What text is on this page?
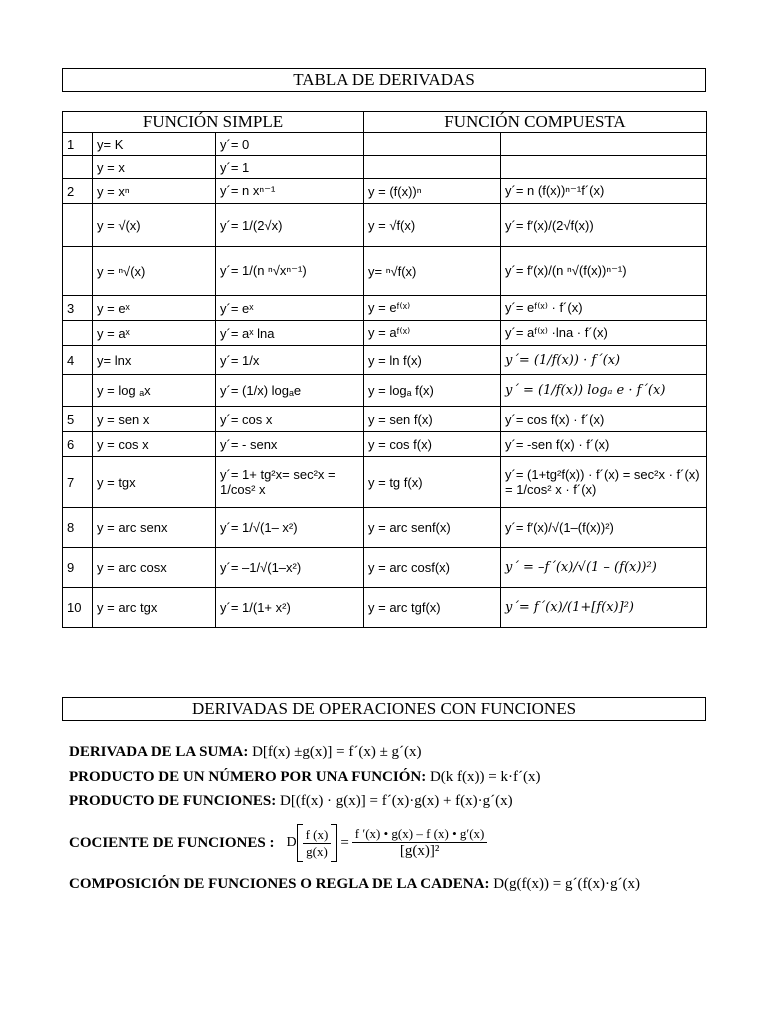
TABLA DE DERIVADAS
FUNCIÓN SIMPLE			FUNCIÓN COMPUESTA	
1	y= K	y´= 0		
	y = x	y´= 1		
2	y = xⁿ	y´= n xⁿ⁻¹	y = (f(x))ⁿ	y´= n (f(x))ⁿ⁻¹f´(x)
	y = √(x)	y´= 1/(2√x)	y = √f(x)	y´= f′(x)/(2√f(x))
	y = ⁿ√(x)	y´= 1/(n ⁿ√xⁿ⁻¹)	y= ⁿ√f(x)	y´= f′(x)/(n ⁿ√(f(x))ⁿ⁻¹)
3	y = eˣ	y´= eˣ	y = eᶠ⁽ˣ⁾	y´= eᶠ⁽ˣ⁾ · f´(x)
	y = aˣ	y´= aˣ lna	y = aᶠ⁽ˣ⁾	y´= aᶠ⁽ˣ⁾ ·lna · f´(x)
4	y= lnx	y´= 1/x	y = ln f(x)	y´= (1/f(x)) · f´(x)
	y = log ₐx	y´= (1/x) logₐe	y = logₐ f(x)	y´ = (1/f(x)) logₐ e · f´(x)
5	y = sen x	y´= cos x	y = sen f(x)	y´= cos f(x) · f´(x)
6	y = cos x	y´= - senx	y = cos f(x)	y´= -sen f(x) · f´(x)
7	y = tgx	y´= 1+ tg²x= sec²x = 1/cos² x	y = tg f(x)	y´= (1+tg²f(x)) · f´(x) = sec²x · f´(x) = 1/cos² x · f´(x)
8	y = arc senx	y´= 1/√(1– x²)	y = arc senf(x)	y´= f′(x)/√(1–(f(x))²)
9	y = arc cosx	y´= –1/√(1–x²)	y = arc cosf(x)	y´ = –f´(x)/√(1 – (f(x))²)
10	y = arc tgx	y´= 1/(1+ x²)	y = arc tgf(x)	y´= f´(x)/(1+[f(x)]²)
DERIVADAS DE OPERACIONES CON FUNCIONES
DERIVADA DE LA SUMA: D[f(x) ±g(x)] = f´(x) ± g´(x)
PRODUCTO DE UN NÚMERO POR UNA FUNCIÓN: D(k f(x)) = k·f´(x)
PRODUCTO DE FUNCIONES: D[(f(x) · g(x)] = f´(x)·g(x) + f(x)·g´(x)
COCIENTE DE FUNCIONES : D $\frac{f (x)}{g(x)} = \frac{f '(x) • g(x) - f (x) • g'(x)}{\text{[g(x)]²}}$
COMPOSICIÓN DE FUNCIONES O REGLA DE LA CADENA: D(g(f(x)) = g´(f(x)·g´(x)
